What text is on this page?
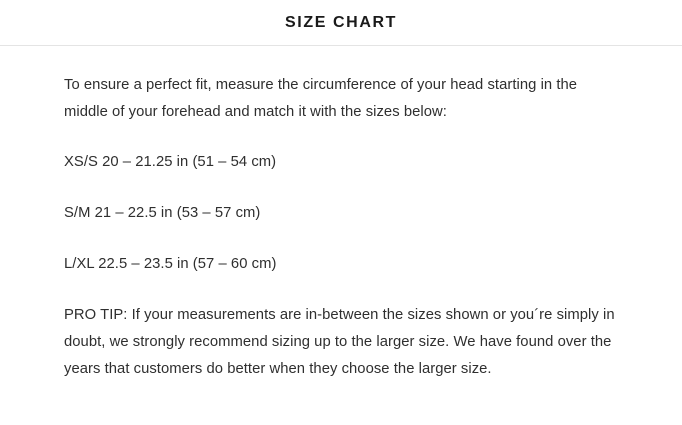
SIZE CHART

To ensure a perfect fit, measure the circumference of your head starting in the middle of your forehead and match it with the sizes below:

XS/S 20 – 21.25 in (51 – 54 cm)

S/M 21 – 22.5 in (53 – 57 cm)

L/XL 22.5 – 23.5 in (57 – 60 cm)

PRO TIP: If your measurements are in-between the sizes shown or you´re simply in doubt, we strongly recommend sizing up to the larger size. We have found over the years that customers do better when they choose the larger size.
